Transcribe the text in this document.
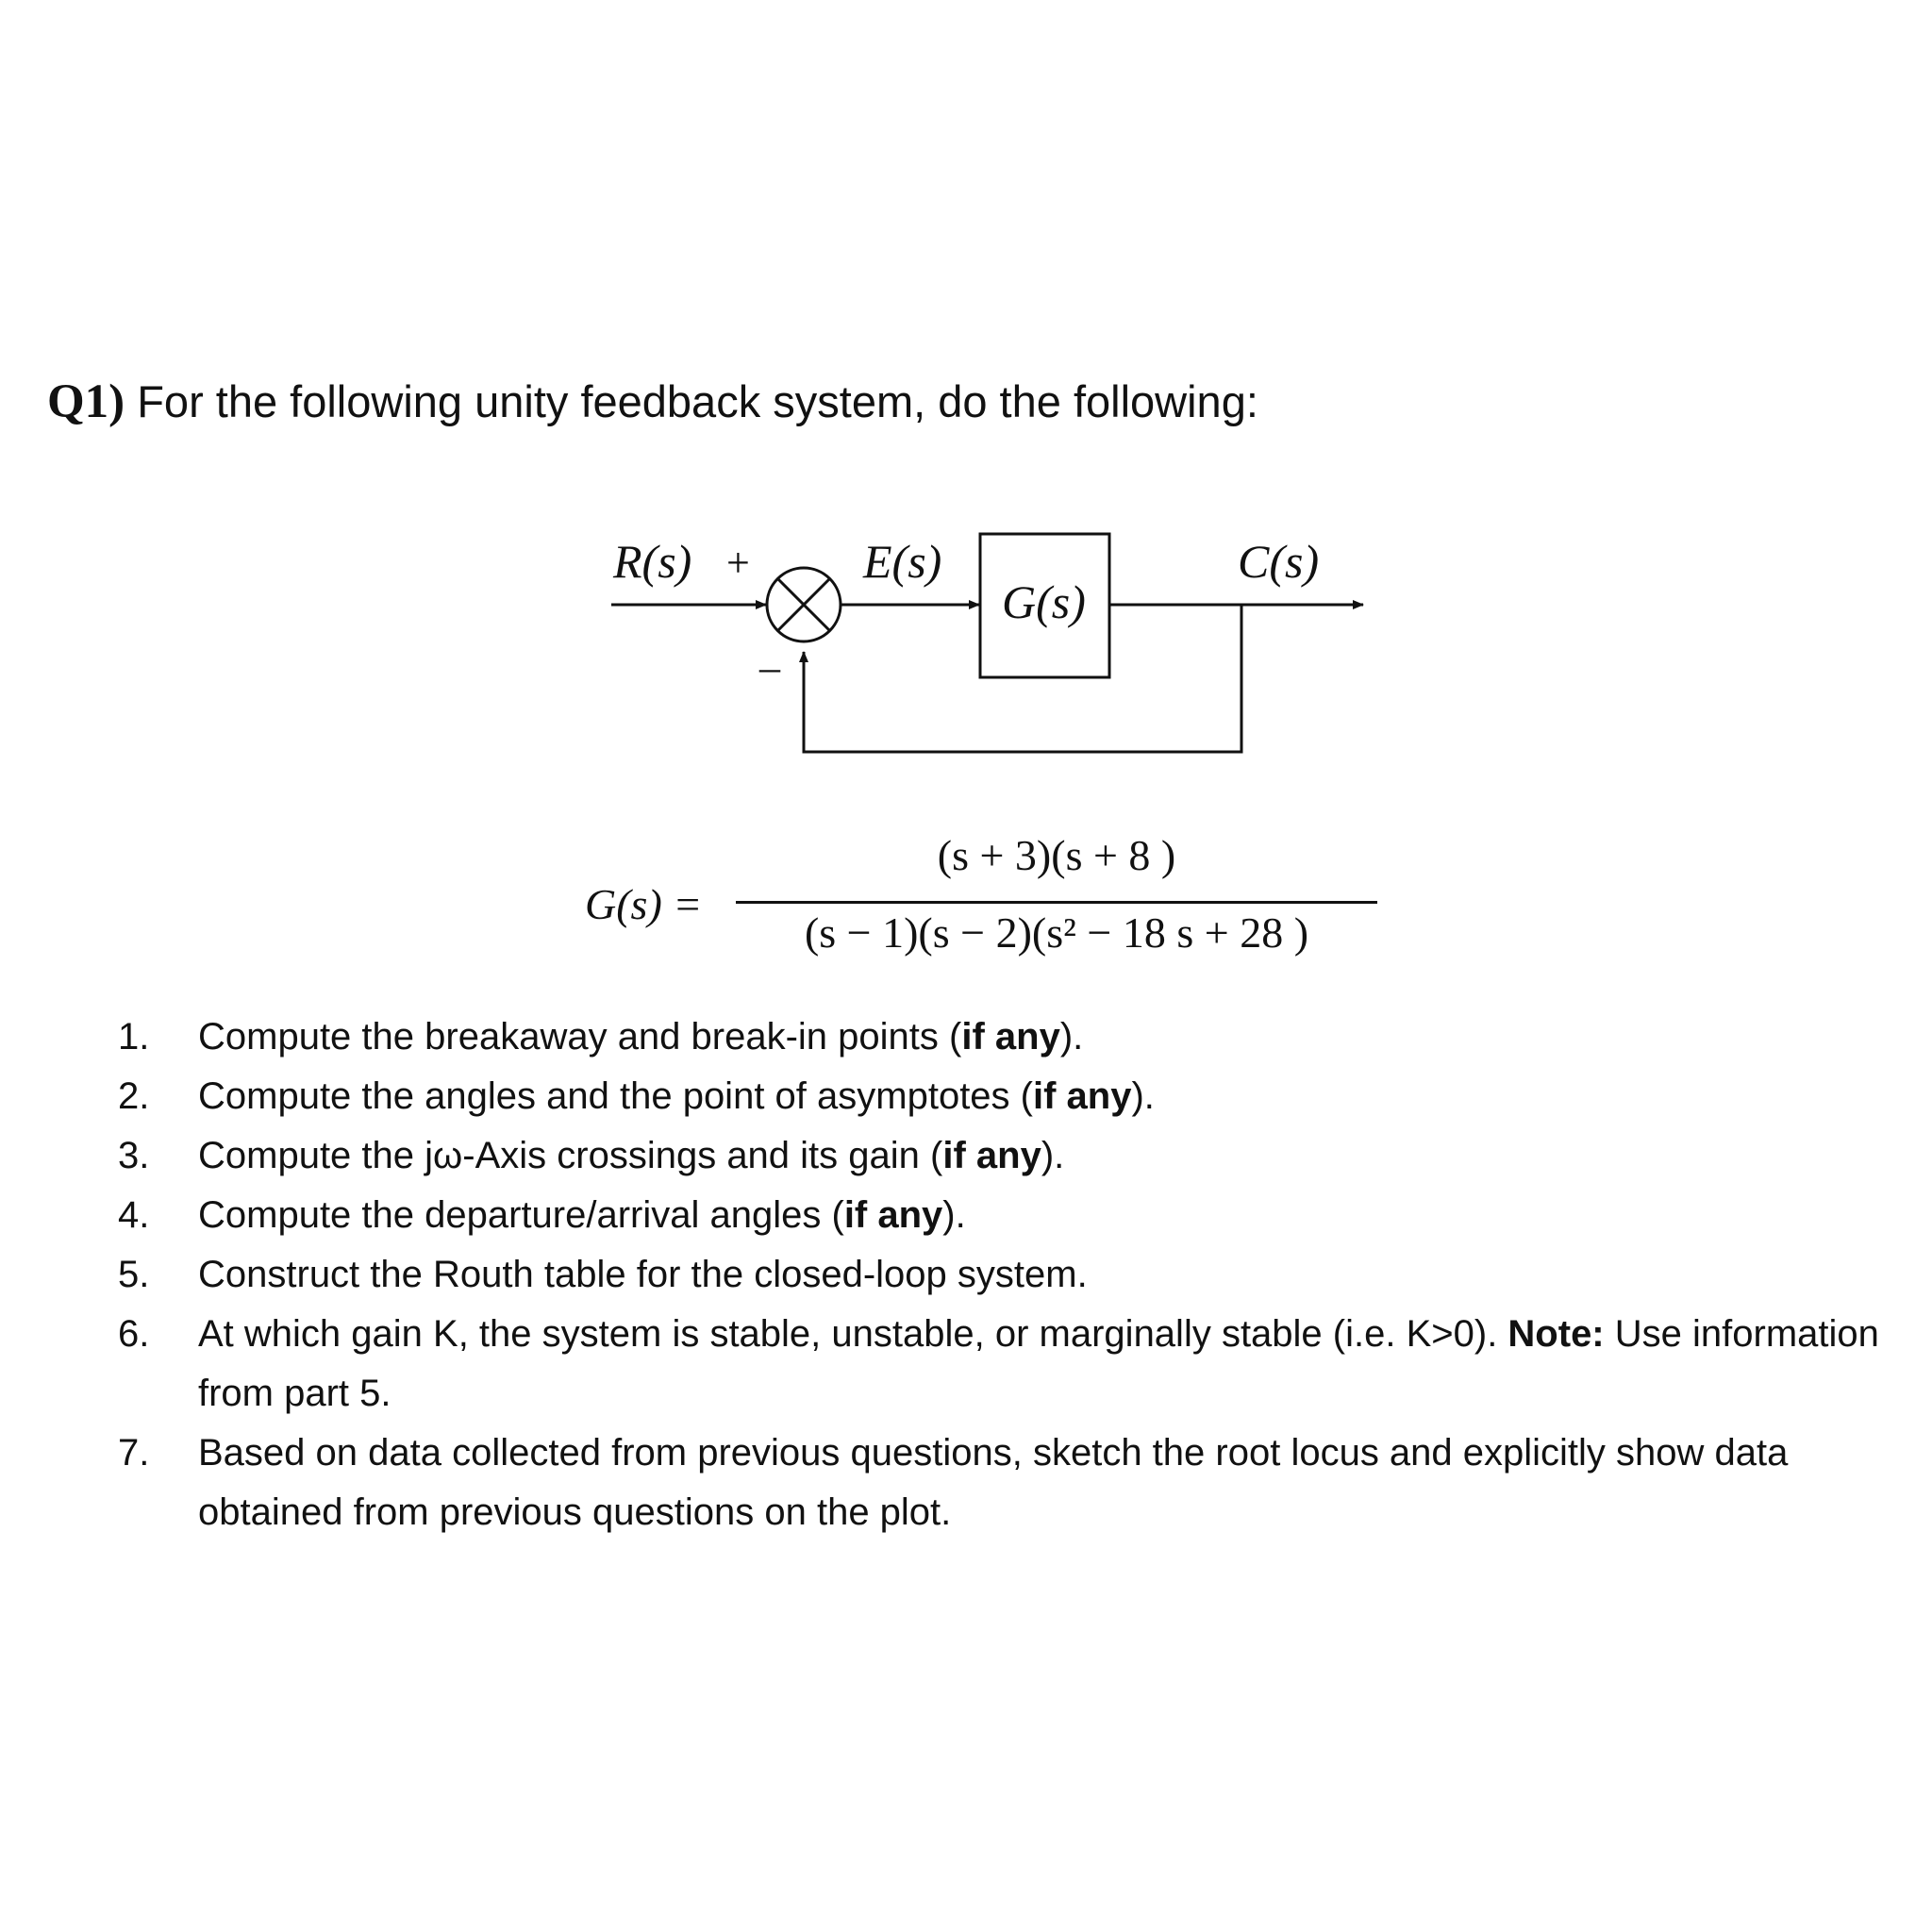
Q1) For the following unity feedback system, do the following:
R(s) +
–
E(s)
G(s)
C(s)
G(s) =
(s + 3)(s + 8 )
(s − 1)(s − 2)(s² − 18 s + 28 )
1. Compute the breakaway and break-in points (if any).
2. Compute the angles and the point of asymptotes (if any).
3. Compute the jω-Axis crossings and its gain (if any).
4. Compute the departure/arrival angles (if any).
5. Construct the Routh table for the closed-loop system.
6. At which gain K, the system is stable, unstable, or marginally stable (i.e. K>0). Note: Use information from part 5.
7. Based on data collected from previous questions, sketch the root locus and explicitly show data obtained from previous questions on the plot.
